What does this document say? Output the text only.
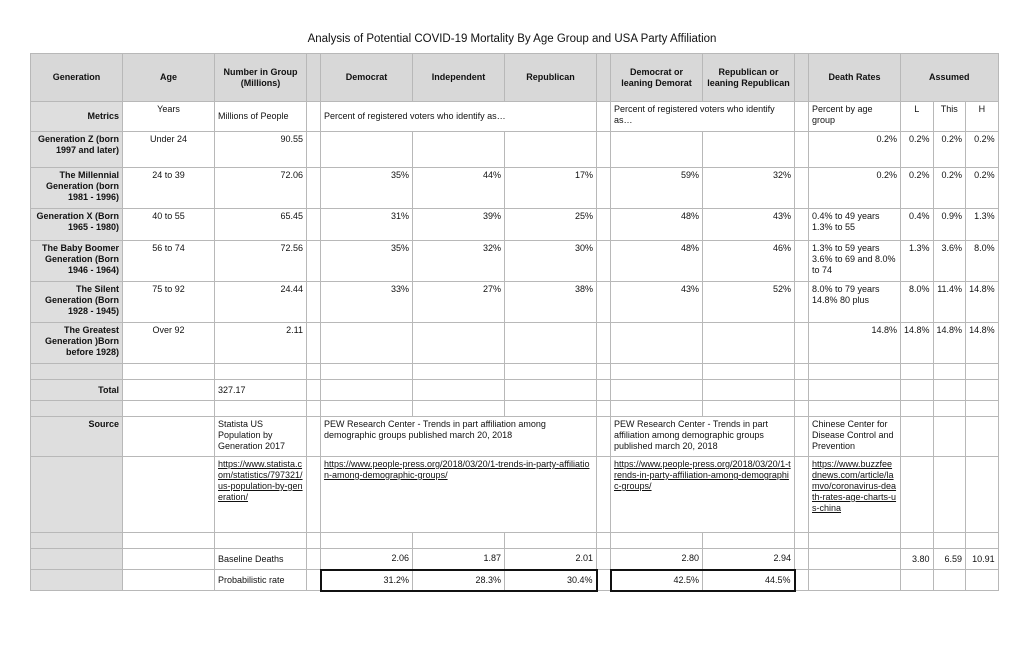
Analysis of Potential COVID-19 Mortality By Age Group and USA Party Affiliation
Generation	Age	Number in Group (Millions)		Democrat	Independent	Republican		Democrat or leaning Demorat	Republican or leaning Republican		Death Rates	Assumed		
Metrics	Years	Millions of People		Percent of registered voters who identify as…				Percent of registered voters who identify as…			Percent by age group	L	This	H
Generation Z (born 1997 and later)	Under 24	90.55									0.2%	0.2%	0.2%	0.2%
The Millennial Generation (born 1981 - 1996)	24 to 39	72.06		35%	44%	17%		59%	32%		0.2%	0.2%	0.2%	0.2%
Generation X (Born 1965 - 1980)	40 to 55	65.45		31%	39%	25%		48%	43%		0.4% to 49 years 1.3% to 55	0.4%	0.9%	1.3%
The Baby Boomer Generation (Born 1946 - 1964)	56 to 74	72.56		35%	32%	30%		48%	46%		1.3% to 59 years 3.6% to 69 and 8.0% to 74	1.3%	3.6%	8.0%
The Silent Generation (Born 1928 - 1945)	75 to 92	24.44		33%	27%	38%		43%	52%		8.0% to 79 years 14.8% 80 plus	8.0%	11.4%	14.8%
The Greatest Generation )Born before 1928)	Over 92	2.11									14.8%	14.8%	14.8%	14.8%

Total		327.17												

Source		Statista US Population by Generation 2017		PEW Research Center - Trends in part affiliation among demographic groups published march 20, 2018				PEW Research Center - Trends in part affiliation among demographic groups published march 20, 2018			Chinese Center for Disease Control and Prevention			
		https://www.statista.com/statistics/797321/us-population-by-generation/		https://www.people-press.org/2018/03/20/1-trends-in-party-affiliation-among-demographic-groups/				https://www.people-press.org/2018/03/20/1-trends-in-party-affiliation-among-demographic-groups/			https://www.buzzfeednews.com/article/lamvo/coronavirus-death-rates-age-charts-us-china			

		Baseline Deaths		2.06	1.87	2.01		2.80	2.94			3.80	6.59	10.91
		Probabilistic rate		31.2%	28.3%	30.4%		42.5%	44.5%					
